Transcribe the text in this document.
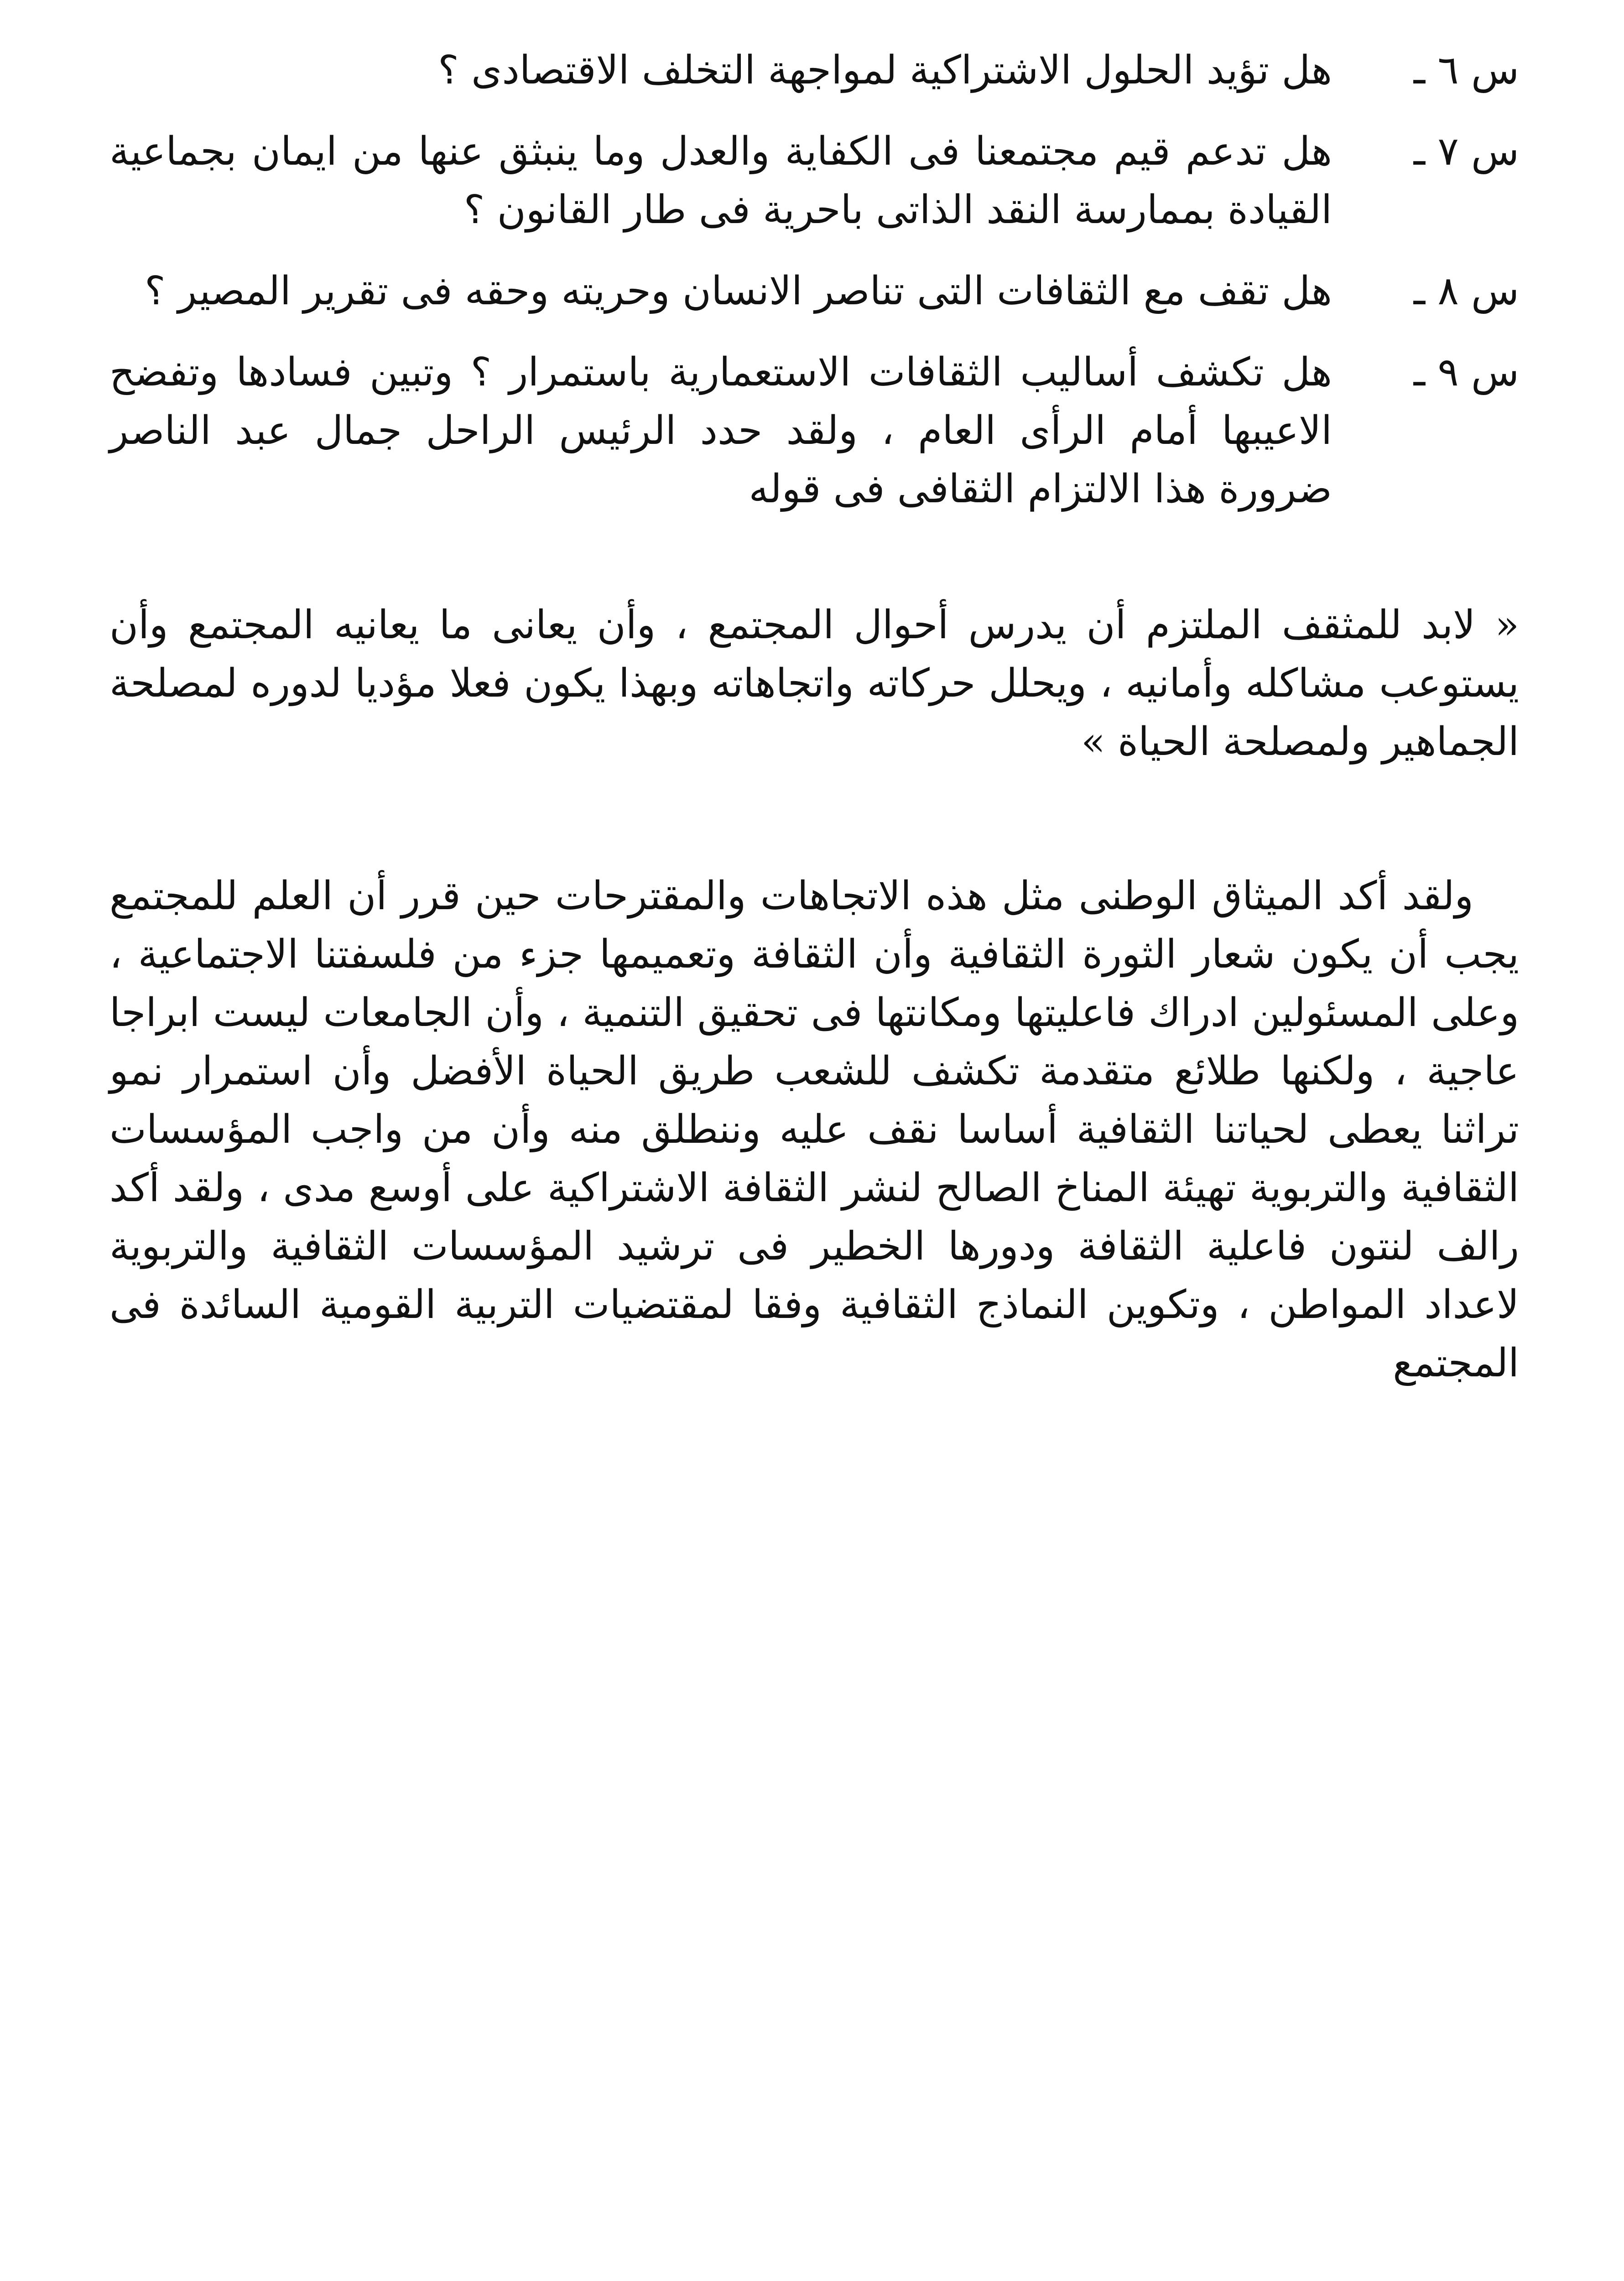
س ٦ ـ
هل تؤيد الحلول الاشتراكية لمواجهة التخلف الاقتصادى ؟
س ٧ ـ
هل تدعم قيم مجتمعنا فى الكفاية والعدل وما ينبثق عنها من ايمان بجماعية القيادة بممارسة النقد الذاتى باحرية فى طار القانون ؟
س ٨ ـ
هل تقف مع الثقافات التى تناصر الانسان وحريته وحقه فى تقرير المصير ؟
س ٩ ـ
هل تكشف أساليب الثقافات الاستعمارية باستمرار ؟ وتبين فسادها وتفضح الاعيبها أمام الرأى العام ، ولقد حدد الرئيس الراحل جمال عبد الناصر ضرورة هذا الالتزام الثقافى فى قوله

« لابد للمثقف الملتزم أن يدرس أحوال المجتمع ، وأن يعانى ما يعانيه المجتمع وأن يستوعب مشاكله وأمانيه ، ويحلل حركاته واتجاهاته وبهذا يكون فعلا مؤديا لدوره لمصلحة الجماهير ولمصلحة الحياة »

ولقد أكد الميثاق الوطنى مثل هذه الاتجاهات والمقترحات حين قرر أن العلم للمجتمع يجب أن يكون شعار الثورة الثقافية وأن الثقافة وتعميمها جزء من فلسفتنا الاجتماعية ، وعلى المسئولين ادراك فاعليتها ومكانتها فى تحقيق التنمية ، وأن الجامعات ليست ابراجا عاجية ، ولكنها طلائع متقدمة تكشف للشعب طريق الحياة الأفضل وأن استمرار نمو تراثنا يعطى لحياتنا الثقافية أساسا نقف عليه وننطلق منه وأن من واجب المؤسسات الثقافية والتربوية تهيئة المناخ الصالح لنشر الثقافة الاشتراكية على أوسع مدى ، ولقد أكد رالف لنتون فاعلية الثقافة ودورها الخطير فى ترشيد المؤسسات الثقافية والتربوية لاعداد المواطن ، وتكوين النماذج الثقافية وفقا لمقتضيات التربية القومية السائدة فى المجتمع
